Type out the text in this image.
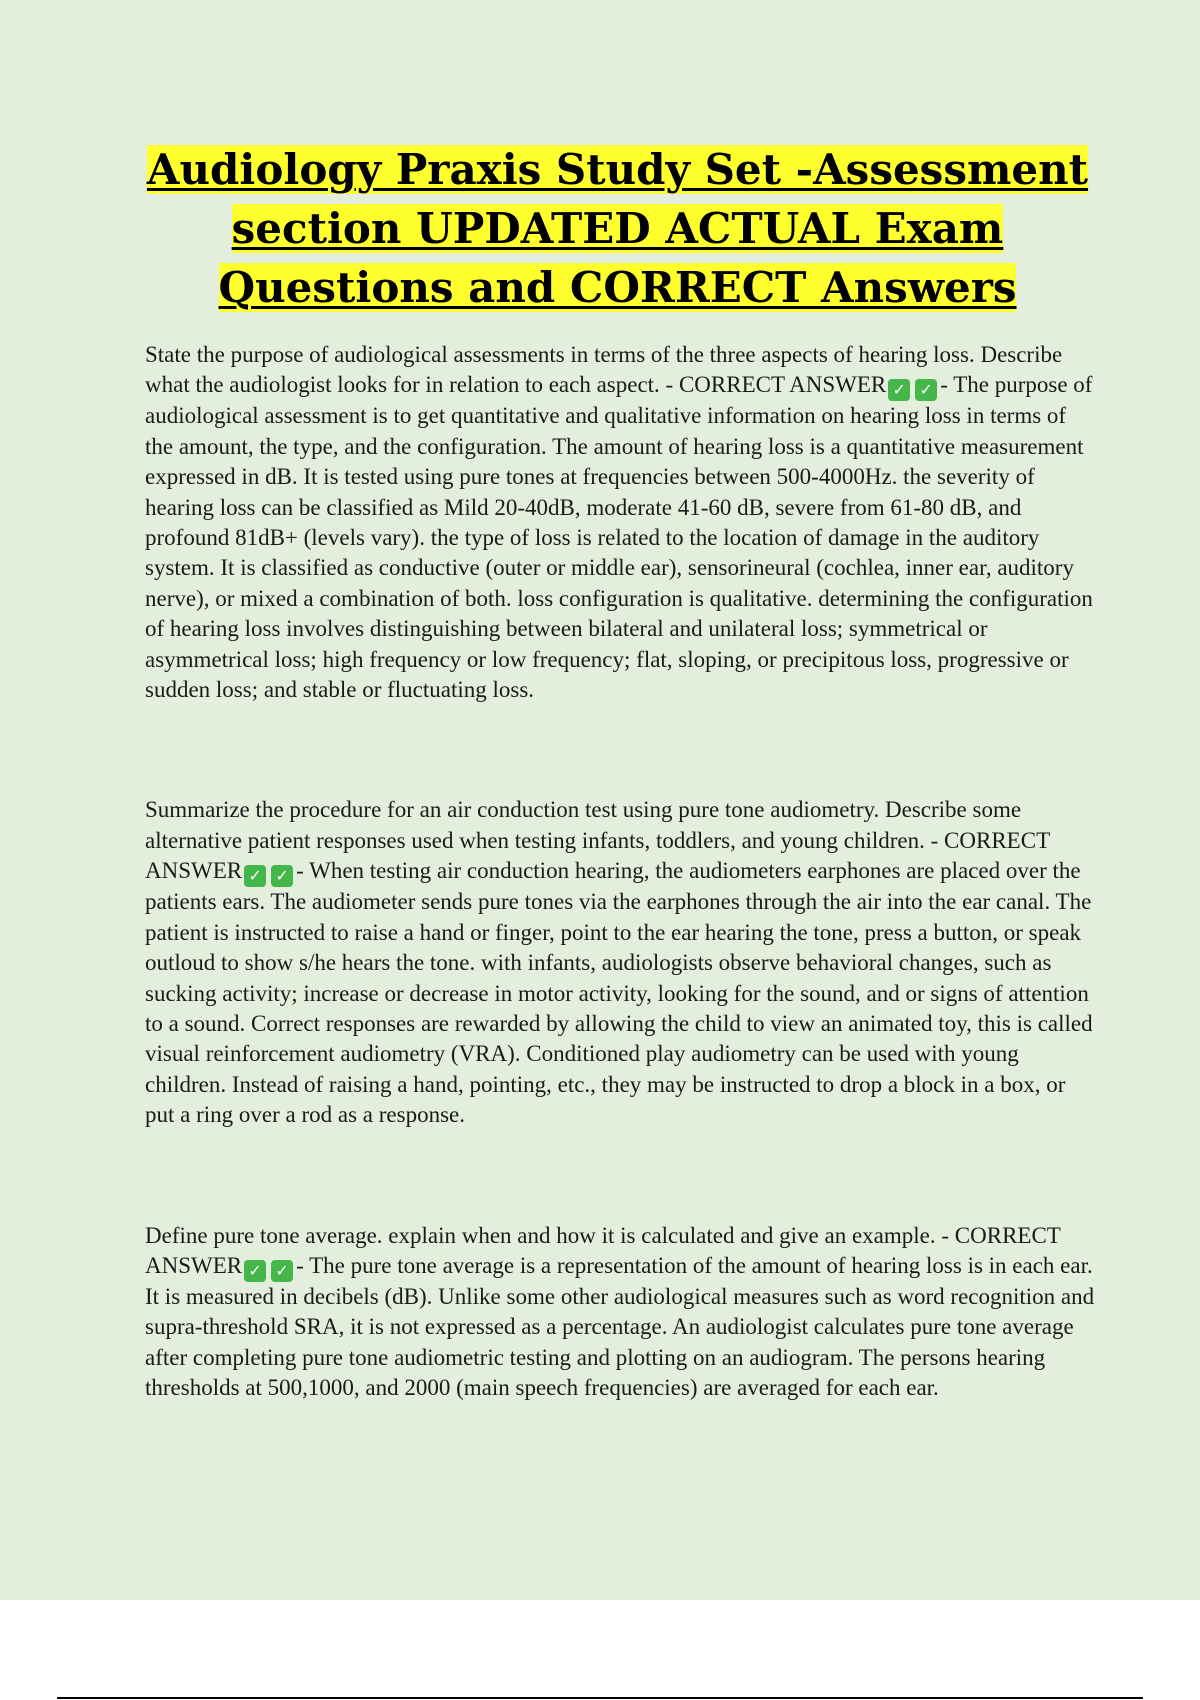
Audiology Praxis Study Set -Assessment section UPDATED ACTUAL Exam Questions and CORRECT Answers

State the purpose of audiological assessments in terms of the three aspects of hearing loss. Describe what the audiologist looks for in relation to each aspect. - CORRECT ANSWER ✓ ✓ - The purpose of audiological assessment is to get quantitative and qualitative information on hearing loss in terms of the amount, the type, and the configuration. The amount of hearing loss is a quantitative measurement expressed in dB. It is tested using pure tones at frequencies between 500-4000Hz. the severity of hearing loss can be classified as Mild 20-40dB, moderate 41-60 dB, severe from 61-80 dB, and profound 81dB+ (levels vary). the type of loss is related to the location of damage in the auditory system. It is classified as conductive (outer or middle ear), sensorineural (cochlea, inner ear, auditory nerve), or mixed a combination of both. loss configuration is qualitative. determining the configuration of hearing loss involves distinguishing between bilateral and unilateral loss; symmetrical or asymmetrical loss; high frequency or low frequency; flat, sloping, or precipitous loss, progressive or sudden loss; and stable or fluctuating loss.

Summarize the procedure for an air conduction test using pure tone audiometry. Describe some alternative patient responses used when testing infants, toddlers, and young children. - CORRECT ANSWER ✓ ✓ - When testing air conduction hearing, the audiometers earphones are placed over the patients ears. The audiometer sends pure tones via the earphones through the air into the ear canal. The patient is instructed to raise a hand or finger, point to the ear hearing the tone, press a button, or speak outloud to show s/he hears the tone. with infants, audiologists observe behavioral changes, such as sucking activity; increase or decrease in motor activity, looking for the sound, and or signs of attention to a sound. Correct responses are rewarded by allowing the child to view an animated toy, this is called visual reinforcement audiometry (VRA). Conditioned play audiometry can be used with young children. Instead of raising a hand, pointing, etc., they may be instructed to drop a block in a box, or put a ring over a rod as a response.

Define pure tone average. explain when and how it is calculated and give an example. - CORRECT ANSWER ✓ ✓ - The pure tone average is a representation of the amount of hearing loss is in each ear. It is measured in decibels (dB). Unlike some other audiological measures such as word recognition and supra-threshold SRA, it is not expressed as a percentage. An audiologist calculates pure tone average after completing pure tone audiometric testing and plotting on an audiogram. The persons hearing thresholds at 500,1000, and 2000 (main speech frequencies) are averaged for each ear.
